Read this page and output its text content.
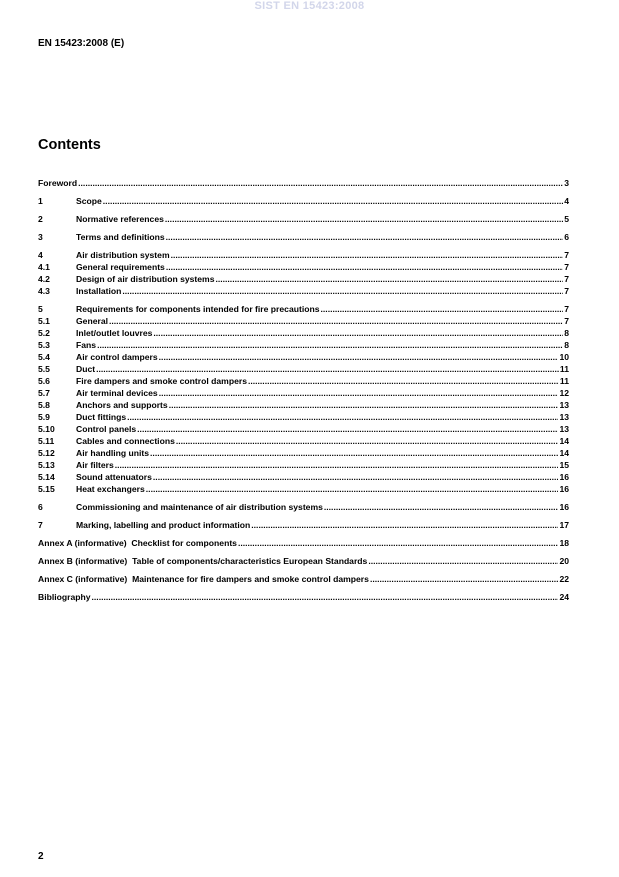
SIST EN 15423:2008
EN 15423:2008 (E)
Contents
Foreword .....	3
1	Scope .....	4
2	Normative references .....	5
3	Terms and definitions .....	6
4	Air distribution system .....	7
4.1	General requirements .....	7
4.2	Design of air distribution systems .....	7
4.3	Installation .....	7
5	Requirements for components intended for fire precautions .....	7
5.1	General .....	7
5.2	Inlet/outlet louvres .....	8
5.3	Fans .....	8
5.4	Air control dampers .....	10
5.5	Duct .....	11
5.6	Fire dampers and smoke control dampers .....	11
5.7	Air terminal devices .....	12
5.8	Anchors and supports .....	13
5.9	Duct fittings .....	13
5.10	Control panels .....	13
5.11	Cables and connections .....	14
5.12	Air handling units .....	14
5.13	Air filters .....	15
5.14	Sound attenuators .....	16
5.15	Heat exchangers .....	16
6	Commissioning and maintenance of air distribution systems .....	16
7	Marking, labelling and product information .....	17
Annex A (informative)  Checklist for components .....	18
Annex B (informative)  Table of components/characteristics European Standards .....	20
Annex C (informative)  Maintenance for fire dampers and smoke control dampers .....	22
Bibliography .....	24
2
